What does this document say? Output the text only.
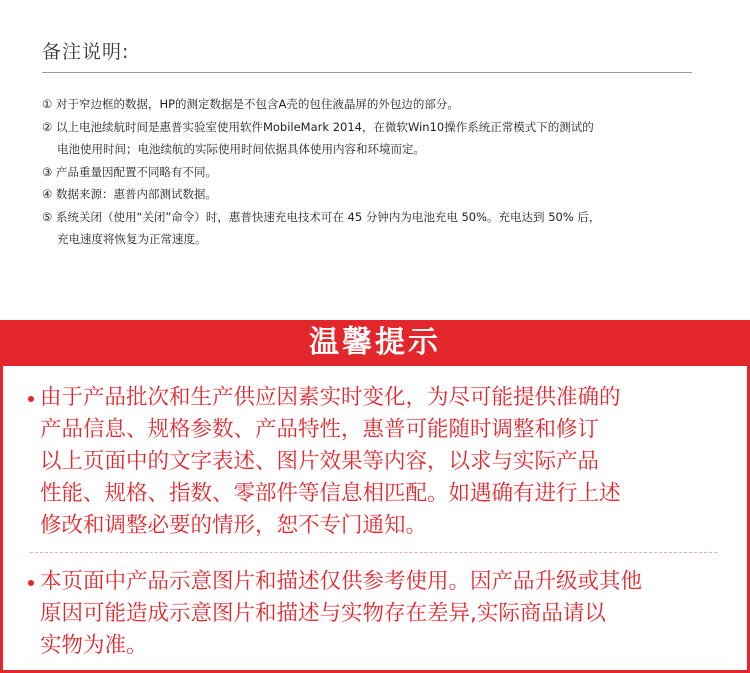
备注说明:
① 对于窄边框的数据，HP的测定数据是不包含A壳的包住液晶屏的外包边的部分。
② 以上电池续航时间是惠普实验室使用软件MobileMark 2014，在微软Win10操作系统正常模式下的测试的
电池使用时间；电池续航的实际使用时间依据具体使用内容和环境而定。
③ 产品重量因配置不同略有不同。
④ 数据来源：惠普内部测试数据。
⑤ 系统关闭（使用“关闭”命令）时，惠普快速充电技术可在 45 分钟内为电池充电 50%。充电达到 50% 后，
充电速度将恢复为正常速度。
温馨提示
由于产品批次和生产供应因素实时变化，为尽可能提供准确的
产品信息、规格参数、产品特性，惠普可能随时调整和修订
以上页面中的文字表述、图片效果等内容，以求与实际产品
性能、规格、指数、零部件等信息相匹配。如遇确有进行上述
修改和调整必要的情形，恕不专门通知。
本页面中产品示意图片和描述仅供参考使用。因产品升级或其他
原因可能造成示意图片和描述与实物存在差异,实际商品请以
实物为准。
